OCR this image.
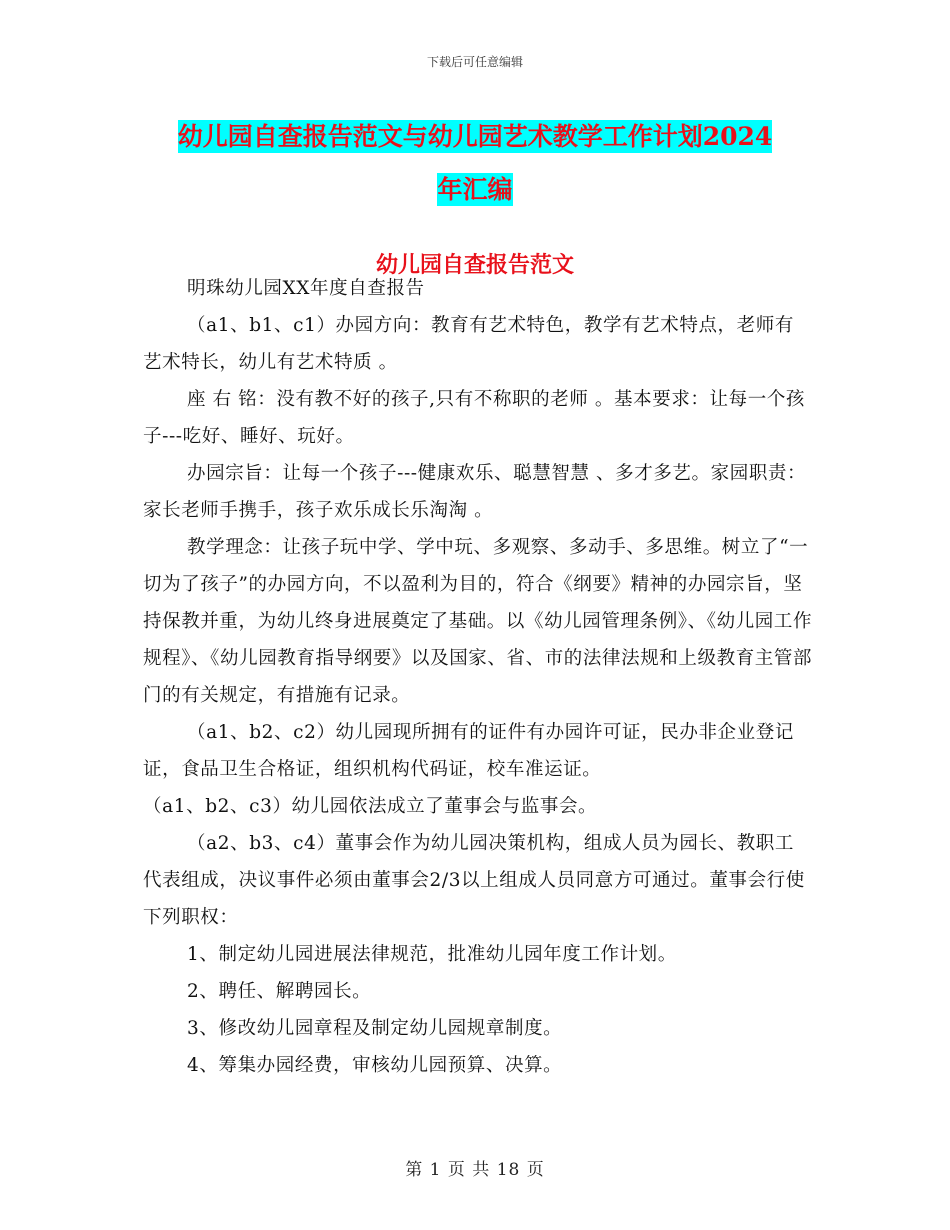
下载后可任意编辑
幼儿园自查报告范文与幼儿园艺术教学工作计划2024
年汇编
幼儿园自查报告范文

明珠幼儿园XX年度自查报告

（a1、b1、c1）办园方向：教育有艺术特色，教学有艺术特点，老师有艺术特长，幼儿有艺术特质 。

座 右 铭：没有教不好的孩子,只有不称职的老师 。基本要求：让每一个孩子---吃好、睡好、玩好。

办园宗旨：让每一个孩子---健康欢乐、聪慧智慧 、多才多艺。家园职责：家长老师手携手，孩子欢乐成长乐淘淘 。

教学理念：让孩子玩中学、学中玩、多观察、多动手、多思维。树立了“一切为了孩子”的办园方向，不以盈利为目的，符合《纲要》精神的办园宗旨，坚持保教并重，为幼儿终身进展奠定了基础。以《幼儿园管理条例》、《幼儿园工作规程》、《幼儿园教育指导纲要》以及国家、省、市的法律法规和上级教育主管部门的有关规定，有措施有记录。

（a1、b2、c2）幼儿园现所拥有的证件有办园许可证，民办非企业登记证，食品卫生合格证，组织机构代码证，校车准运证。

（a1、b2、c3）幼儿园依法成立了董事会与监事会。

（a2、b3、c4）董事会作为幼儿园决策机构，组成人员为园长、教职工代表组成，决议事件必须由董事会2/3以上组成人员同意方可通过。董事会行使下列职权：

1、制定幼儿园进展法律规范，批准幼儿园年度工作计划。

2、聘任、解聘园长。

3、修改幼儿园章程及制定幼儿园规章制度。

4、筹集办园经费，审核幼儿园预算、决算。

第 1 页 共 18 页
